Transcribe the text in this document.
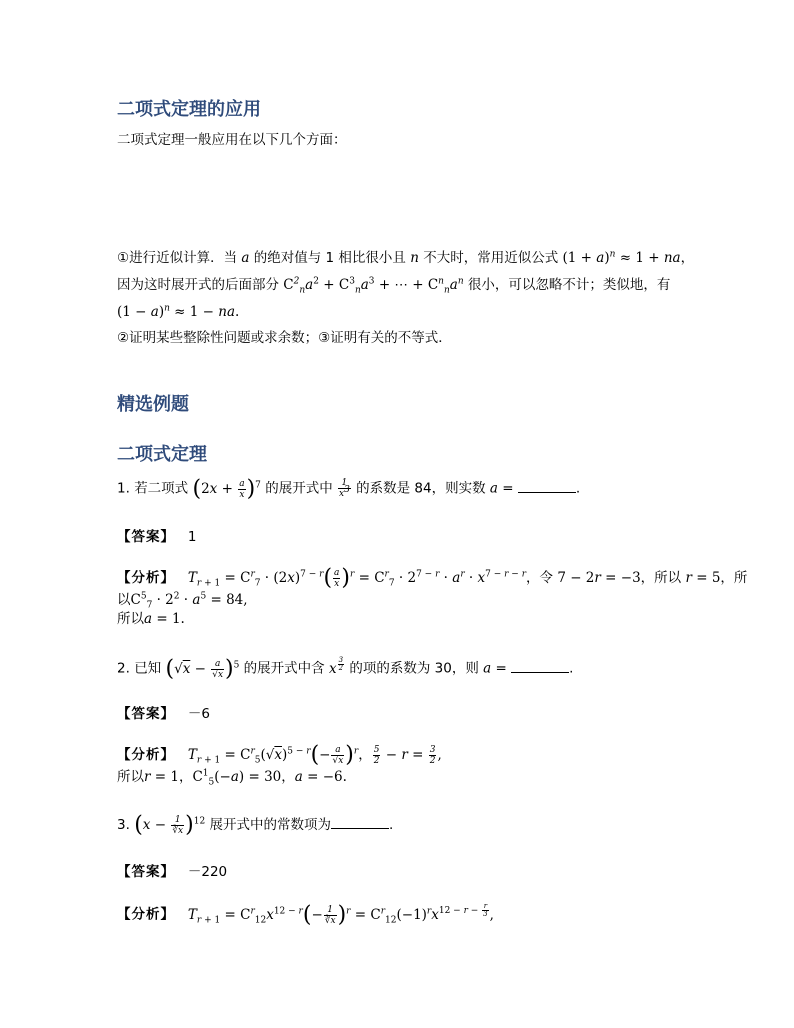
二项式定理的应用

二项式定理一般应用在以下几个方面：

①进行近似计算．当 a 的绝对值与 1 相比很小且 n 不大时，常用近似公式 $(1 + a)^n \approx 1$ + na，

因为这时展开式的后面部分 $C^2_na^2 + C^3_na^3$ + ⋯ + $C^n_na^n$ 很小，可以忽略不计；类似地，有

$(1 - a)^n \approx 1$ − na.

②证明某些整除性问题或求余数；③证明有关的不等式．

精选例题
二项式定理

1. 若二项式 $(2x + \frac{a}{x} )^7$ 的展开式中 $\frac{1}{x^3}$ 的系数是 84，则实数 a =	.

【答案】 1

【分析】 $T_{r + 1} = C^r_7 \cdot (2x)^{7 - r}( \frac{a}{x} )^r = C^r_7 \cdot 2^{7 - r} \cdot a^r \cdot x^{7 - r - r}$，令 7 − 2r = −3，所以 r = 5，所

以$C^5_7 \cdot 2^2 \cdot a^5 = 84$,

所以a = 1.

2. 已知 $(√x - \frac{a}{√x} )^5$ 的展开式中含 x $^{\frac{3}{2}}$ 的项的系数为 30，则 a =	.

【答案】 －6

【分析】 $T_{r + 1} = C^r_5(√x)^{5 - r}(- \frac{a}{√x} )^r$， $\frac{5}{2} - r = \frac{3}{2}$ ,

所以r = 1，$C^1_5(-a) = 30$，a = −6.

3. $(x - \frac{1}{∛x} )^{12}$ 展开式中的常数项为	.

【答案】 －220

【分析】 $T_{r + 1} = C^r_{12}x^{12 - r}(- \frac{1}{∛x} )^r = C^r_{12}(-1)^rx^{12 - r - \frac{r}{3}}$ ,
